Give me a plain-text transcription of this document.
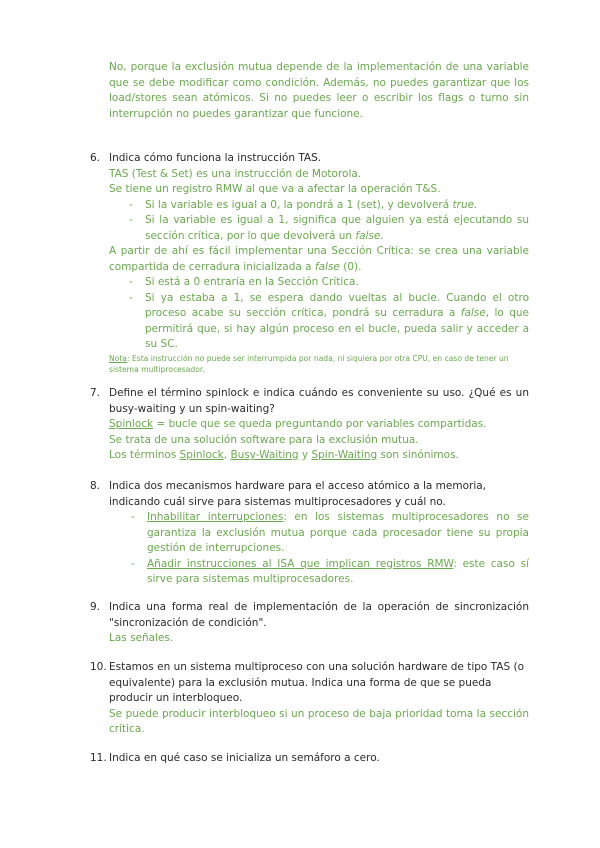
No, porque la exclusión mutua depende de la implementación de una variable que se debe modificar como condición. Además, no puedes garantizar que los load/stores sean atómicos. Si no puedes leer o escribir los flags o turno sin interrupción no puedes garantizar que funcione.

6. Indica cómo funciona la instrucción TAS.

TAS (Test & Set) es una instrucción de Motorola.

Se tiene un registro RMW al que va a afectar la operación T&S.

- Si la variable es igual a 0, la pondrá a 1 (set), y devolverá true.

- Si la variable es igual a 1, significa que alguien ya está ejecutando su sección crítica, por lo que devolverá un false.

A partir de ahí es fácil implementar una Sección Crítica: se crea una variable compartida de cerradura inicializada a false (0).

- Si está a 0 entraría en la Sección Crítica.

- Si ya estaba a 1, se espera dando vueltas al bucle. Cuando el otro proceso acabe su sección crítica, pondrá su cerradura a false, lo que permitirá que, si hay algún proceso en el bucle, pueda salir y acceder a su SC.

Nota: Esta instrucción no puede ser interrumpida por nada, ni siquiera por otra CPU, en caso de tener un sistema multiprocesador.

7. Define el término spinlock e indica cuándo es conveniente su uso. ¿Qué es un busy-waiting y un spin-waiting?

Spinlock = bucle que se queda preguntando por variables compartidas.

Se trata de una solución software para la exclusión mutua.

Los términos Spinlock, Busy-Waiting y Spin-Waiting son sinónimos.

8. Indica dos mecanismos hardware para el acceso atómico a la memoria, indicando cuál sirve para sistemas multiprocesadores y cuál no.

- Inhabilitar interrupciones: en los sistemas multiprocesadores no se garantiza la exclusión mutua porque cada procesador tiene su propia gestión de interrupciones.

- Añadir instrucciones al ISA que implican registros RMW: este caso sí sirve para sistemas multiprocesadores.

9. Indica una forma real de implementación de la operación de sincronización "sincronización de condición".

Las señales.

10. Estamos en un sistema multiproceso con una solución hardware de tipo TAS (o equivalente) para la exclusión mutua. Indica una forma de que se pueda producir un interbloqueo.

Se puede producir interbloqueo si un proceso de baja prioridad toma la sección crítica.

11. Indica en qué caso se inicializa un semáforo a cero.
